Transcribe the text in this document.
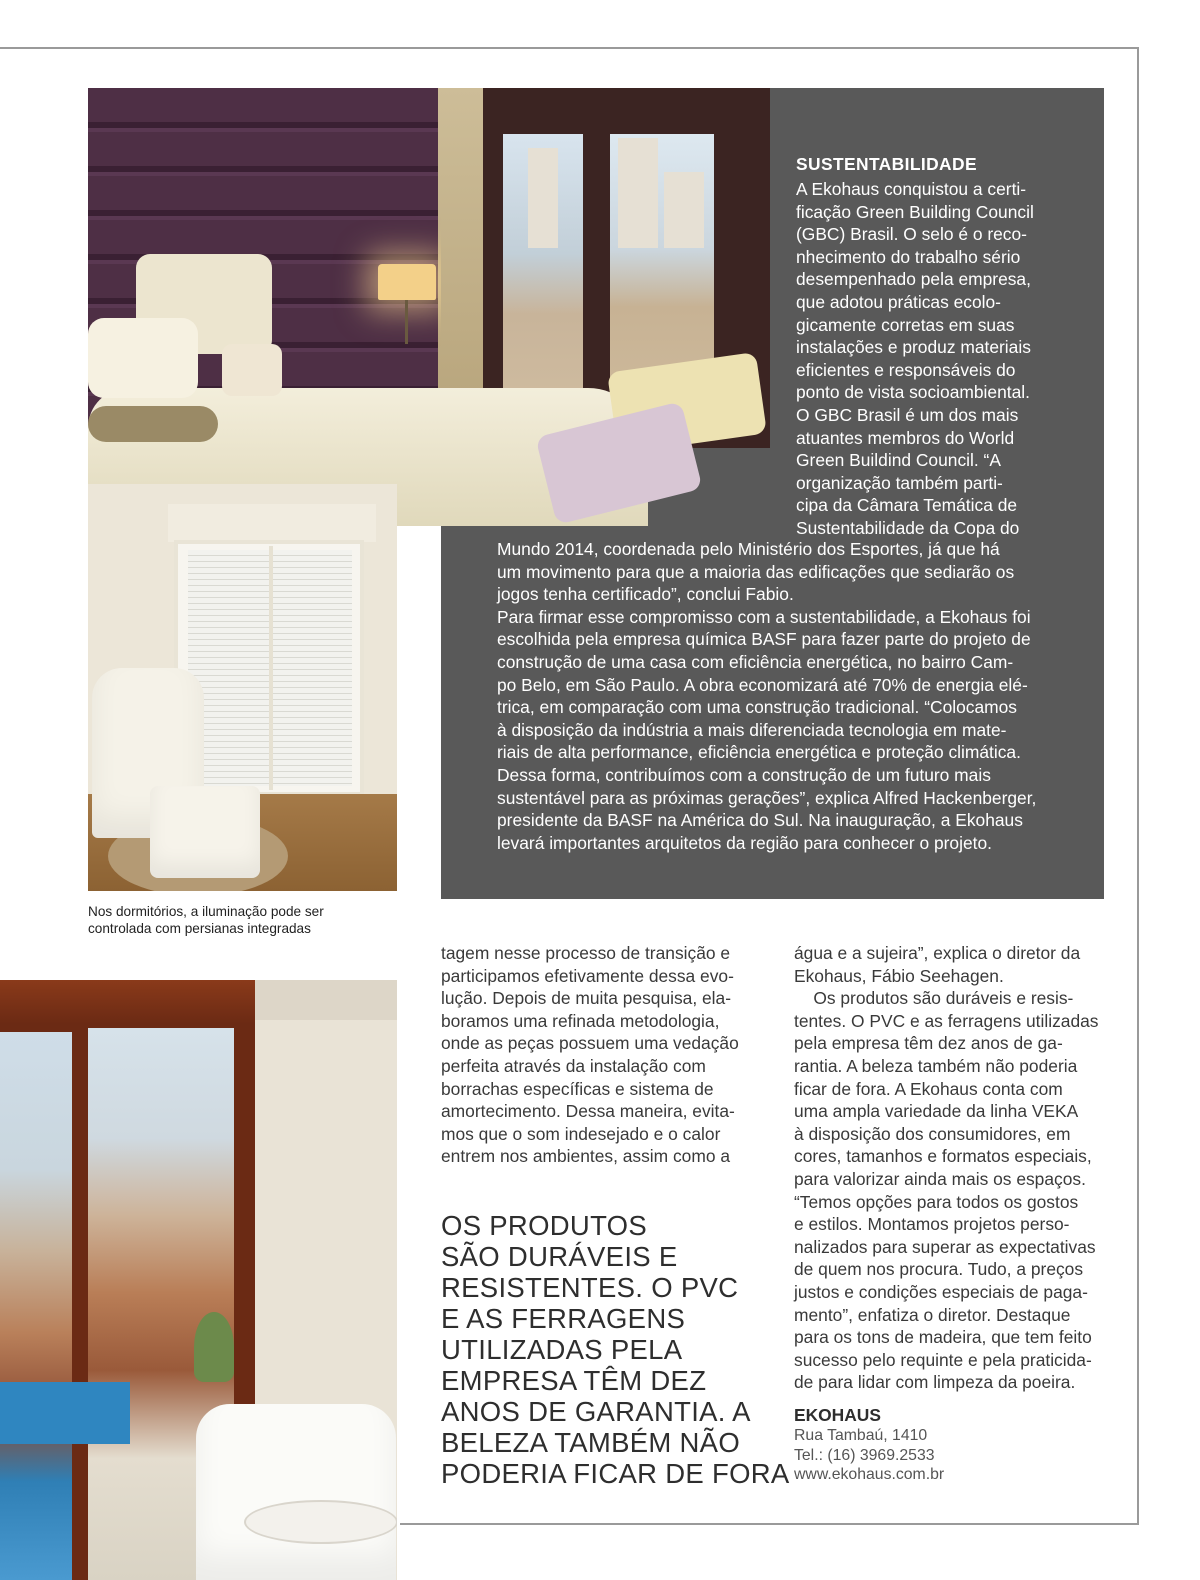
SUSTENTABILIDADE
A Ekohaus conquistou a certi-
ficação Green Building Council
(GBC) Brasil. O selo é o reco-
nhecimento do trabalho sério
desempenhado pela empresa,
que adotou práticas ecolo-
gicamente corretas em suas
instalações e produz materiais
eficientes e responsáveis do
ponto de vista socioambiental.
O GBC Brasil é um dos mais
atuantes membros do World
Green Buildind Council. “A
organização também parti-
cipa da Câmara Temática de
Sustentabilidade da Copa do
Mundo 2014, coordenada pelo Ministério dos Esportes, já que há
um movimento para que a maioria das edificações que sediarão os
jogos tenha certificado”, conclui Fabio.
Para firmar esse compromisso com a sustentabilidade, a Ekohaus foi
escolhida pela empresa química BASF para fazer parte do projeto de
construção de uma casa com eficiência energética, no bairro Cam-
po Belo, em São Paulo. A obra economizará até 70% de energia elé-
trica, em comparação com uma construção tradicional. “Colocamos
à disposição da indústria a mais diferenciada tecnologia em mate-
riais de alta performance, eficiência energética e proteção climática.
Dessa forma, contribuímos com a construção de um futuro mais
sustentável para as próximas gerações”, explica Alfred Hackenberger,
presidente da BASF na América do Sul. Na inauguração, a Ekohaus
levará importantes arquitetos da região para conhecer o projeto.
Nos dormitórios, a iluminação pode ser
controlada com persianas integradas
tagem nesse processo de transição e
participamos efetivamente dessa evo-
lução. Depois de muita pesquisa, ela-
boramos uma refinada metodologia,
onde as peças possuem uma vedação
perfeita através da instalação com
borrachas específicas e sistema de
amortecimento. Dessa maneira, evita-
mos que o som indesejado e o calor
entrem nos ambientes, assim como a
OS PRODUTOS
SÃO DURÁVEIS E
RESISTENTES. O PVC
E AS FERRAGENS
UTILIZADAS PELA
EMPRESA TÊM DEZ
ANOS DE GARANTIA. A
BELEZA TAMBÉM NÃO
PODERIA FICAR DE FORA
água e a sujeira”, explica o diretor da
Ekohaus, Fábio Seehagen.
Os produtos são duráveis e resis-
tentes. O PVC e as ferragens utilizadas
pela empresa têm dez anos de ga-
rantia. A beleza também não poderia
ficar de fora. A Ekohaus conta com
uma ampla variedade da linha VEKA
à disposição dos consumidores, em
cores, tamanhos e formatos especiais,
para valorizar ainda mais os espaços.
“Temos opções para todos os gostos
e estilos. Montamos projetos perso-
nalizados para superar as expectativas
de quem nos procura. Tudo, a preços
justos e condições especiais de paga-
mento”, enfatiza o diretor. Destaque
para os tons de madeira, que tem feito
sucesso pelo requinte e pela praticida-
de para lidar com limpeza da poeira.
EKOHAUS
Rua Tambaú, 1410
Tel.: (16) 3969.2533
www.ekohaus.com.br
